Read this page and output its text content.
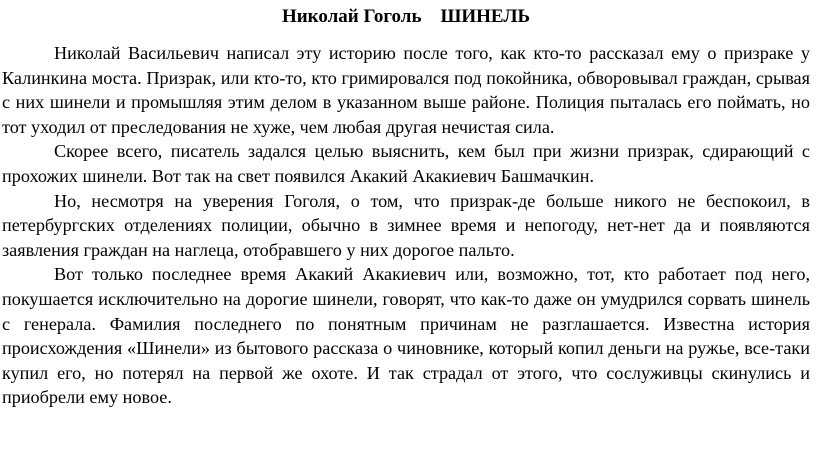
Николай Гоголь    ШИНЕЛЬ

Николай Васильевич написал эту историю после того, как кто-то рассказал ему о призраке у Калинкина моста. Призрак, или кто-то, кто гримировался под покойника, обворовывал граждан, срывая с них шинели и промышляя этим делом в указанном выше районе. Полиция пыталась его поймать, но тот уходил от преследования не хуже, чем любая другая нечистая сила.

Скорее всего, писатель задался целью выяснить, кем был при жизни призрак, сдирающий с прохожих шинели. Вот так на свет появился Акакий Акакиевич Башмачкин.

Но, несмотря на уверения Гоголя, о том, что призрак-де больше никого не беспокоил, в петербургских отделениях полиции, обычно в зимнее время и непогоду, нет-нет да и появляются заявления граждан на наглеца, отобравшего у них дорогое пальто.

Вот только последнее время Акакий Акакиевич или, возможно, тот, кто работает под него, покушается исключительно на дорогие шинели, говорят, что как-то даже он умудрился сорвать шинель с генерала. Фамилия последнего по понятным причинам не разглашается. Известна история происхождения «Шинели» из бытового рассказа о чиновнике, который копил деньги на ружье, все-таки купил его, но потерял на первой же охоте. И так страдал от этого, что сослуживцы скинулись и приобрели ему новое.
